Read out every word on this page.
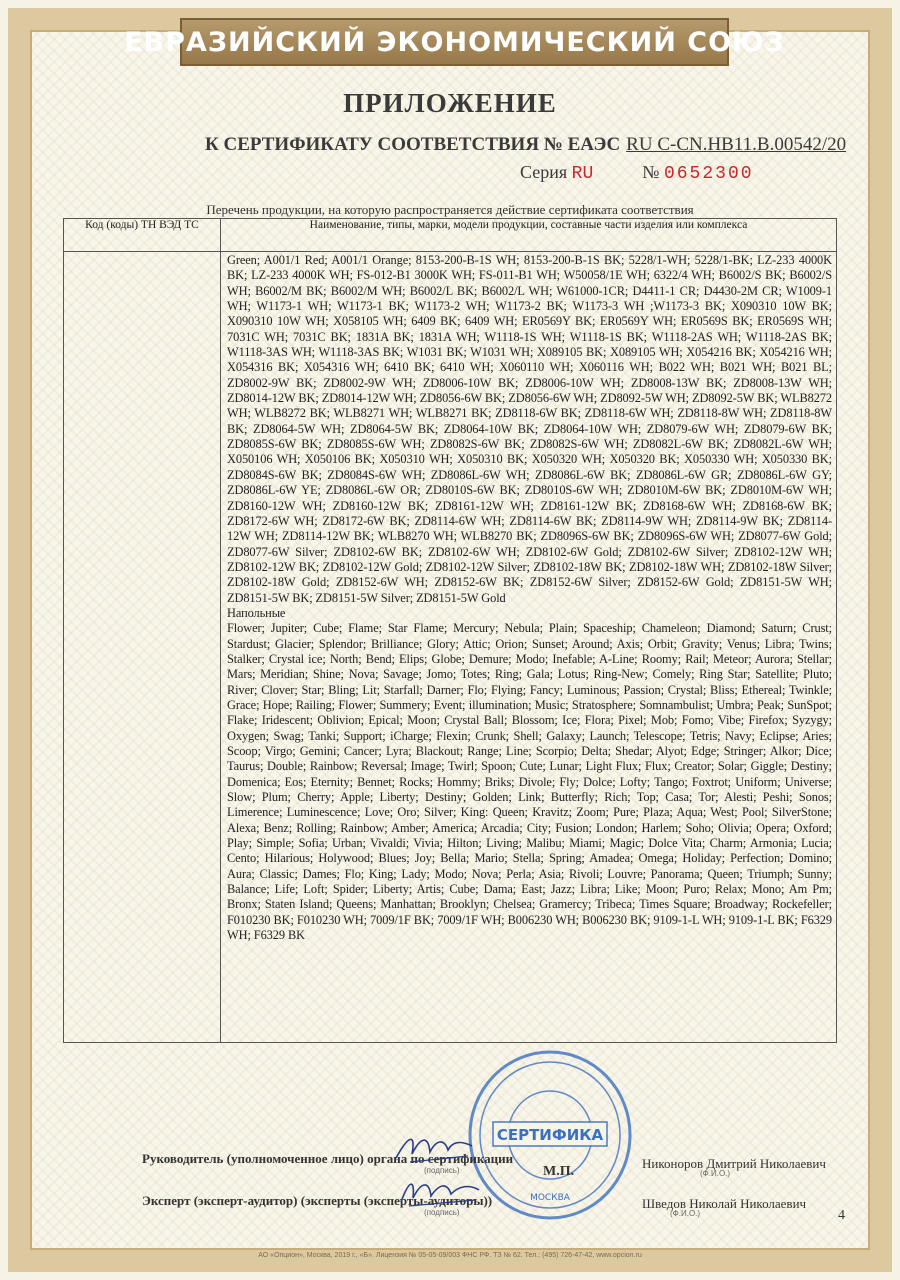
ЕВРАЗИЙСКИЙ ЭКОНОМИЧЕСКИЙ СОЮЗ
ПРИЛОЖЕНИЕ
К СЕРТИФИКАТУ СООТВЕТСТВИЯ № ЕАЭС RU C-CN.НВ11.В.00542/20
Серия RU	№ 0652300
Перечень продукции, на которую распространяется действие сертификата соответствия
Код (коды) ТН ВЭД ТС	Наименование, типы, марки, модели продукции, составные части изделия или комплекса

	Green; A001/1 Red; A001/1 Orange; 8153-200-B-1S WH; 8153-200-B-1S BK; 5228/1-WH; 5228/1-BK; LZ-233 4000K BK; LZ-233 4000K WH; FS-012-B1 3000K WH; FS-011-B1 WH; W50058/1E WH; 6322/4 WH; B6002/S BK; B6002/S WH; B6002/M BK; B6002/M WH; B6002/L BK; B6002/L WH; W61000-1CR; D4411-1 CR; D4430-2M CR; W1009-1 WH; W1173-1 WH; W1173-1 BK; W1173-2 WH; W1173-2 BK; W1173-3 WH ;W1173-3 BK; X090310 10W BK; X090310 10W WH; X058105 WH; 6409 BK; 6409 WH; ER0569Y BK; ER0569Y WH; ER0569S BK; ER0569S WH; 7031C WH; 7031C BK; 1831A BK; 1831A WH; W1118-1S WH; W1118-1S BK; W1118-2AS WH; W1118-2AS BK; W1118-3AS WH; W1118-3AS BK; W1031 BK; W1031 WH; X089105 BK; X089105 WH; X054216 BK; X054216 WH; X054316 BK; X054316 WH; 6410 BK; 6410 WH; X060110 WH; X060116 WH; B022 WH; B021 WH; B021 BL; ZD8002-9W BK; ZD8002-9W WH; ZD8006-10W BK; ZD8006-10W WH; ZD8008-13W BK; ZD8008-13W WH; ZD8014-12W BK; ZD8014-12W WH; ZD8056-6W BK; ZD8056-6W WH; ZD8092-5W WH; ZD8092-5W BK; WLB8272 WH; WLB8272 BK; WLB8271 WH; WLB8271 BK; ZD8118-6W BK; ZD8118-6W WH; ZD8118-8W WH; ZD8118-8W BK; ZD8064-5W WH; ZD8064-5W BK; ZD8064-10W BK; ZD8064-10W WH; ZD8079-6W WH; ZD8079-6W BK; ZD8085S-6W BK; ZD8085S-6W WH; ZD8082S-6W BK; ZD8082S-6W WH; ZD8082L-6W BK; ZD8082L-6W WH; X050106 WH; X050106 BK; X050310 WH; X050310 BK; X050320 WH; X050320 BK; X050330 WH; X050330 BK; ZD8084S-6W BK; ZD8084S-6W WH; ZD8086L-6W WH; ZD8086L-6W BK; ZD8086L-6W GR; ZD8086L-6W GY; ZD8086L-6W YE; ZD8086L-6W OR; ZD8010S-6W BK; ZD8010S-6W WH; ZD8010M-6W BK; ZD8010M-6W WH; ZD8160-12W WH; ZD8160-12W BK; ZD8161-12W WH; ZD8161-12W BK; ZD8168-6W WH; ZD8168-6W BK; ZD8172-6W WH; ZD8172-6W BK; ZD8114-6W WH; ZD8114-6W BK; ZD8114-9W WH; ZD8114-9W BK; ZD8114-12W WH; ZD8114-12W BK; WLB8270 WH; WLB8270 BK; ZD8096S-6W BK; ZD8096S-6W WH; ZD8077-6W Gold; ZD8077-6W Silver; ZD8102-6W BK; ZD8102-6W WH; ZD8102-6W Gold; ZD8102-6W Silver; ZD8102-12W WH; ZD8102-12W BK; ZD8102-12W Gold; ZD8102-12W Silver; ZD8102-18W BK; ZD8102-18W WH; ZD8102-18W Silver; ZD8102-18W Gold; ZD8152-6W WH; ZD8152-6W BK; ZD8152-6W Silver; ZD8152-6W Gold; ZD8151-5W WH; ZD8151-5W BK; ZD8151-5W Silver; ZD8151-5W Gold

Напольные

Flower; Jupiter; Cube; Flame; Star Flame; Mercury; Nebula; Plain; Spaceship; Chameleon; Diamond; Saturn; Crust; Stardust; Glacier; Splendor; Brilliance; Glory; Attic; Orion; Sunset; Around; Axis; Orbit; Gravity; Venus; Libra; Twins; Stalker; Crystal ice; North; Bend; Elips; Globe; Demure; Modo; Inefable; A-Line; Roomy; Rail; Meteor; Aurora; Stellar; Mars; Meridian; Shine; Nova; Savage; Jomo; Totes; Ring; Gala; Lotus; Ring-New; Comely; Ring Star; Satellite; Pluto; River; Clover; Star; Bling; Lit; Starfall; Darner; Flo; Flying; Fancy; Luminous; Passion; Crystal; Bliss; Ethereal; Twinkle; Grace; Hope; Railing; Flower; Summery; Event; illumination; Music; Stratosphere; Somnambulist; Umbra; Peak; SunSpot; Flake; Iridescent; Oblivion; Epical; Moon; Crystal Ball; Blossom; Ice; Flora; Pixel; Mob; Fomo; Vibe; Firefox; Syzygy; Oxygen; Swag; Tanki; Support; iCharge; Flexin; Crunk; Shell; Galaxy; Launch; Telescope; Tetris; Navy; Eclipse; Aries; Scoop; Virgo; Gemini; Cancer; Lyra; Blackout; Range; Line; Scorpio; Delta; Shedar; Alyot; Edge; Stringer; Alkor; Dice; Taurus; Double; Rainbow; Reversal; Image; Twirl; Spoon; Cute; Lunar; Light Flux; Flux; Creator; Solar; Giggle; Destiny; Domenica; Eos; Eternity; Bennet; Rocks; Hommy; Briks; Divole; Fly; Dolce; Lofty; Tango; Foxtrot; Uniform; Universe; Slow; Plum; Cherry; Apple; Liberty; Destiny; Golden; Link; Butterfly; Rich; Top; Casa; Tor; Alesti; Peshi; Sonos; Limerence; Luminescence; Love; Oro; Silver; King: Queen; Kravitz; Zoom; Pure; Plaza; Aqua; West; Pool; SilverStone; Alexa; Benz; Rolling; Rainbow; Amber; America; Arcadia; City; Fusion; London; Harlem; Soho; Olivia; Opera; Oxford; Play; Simple; Sofia; Urban; Vivaldi; Vivia; Hilton; Living; Malibu; Miami; Magic; Dolce Vita; Charm; Armonia; Lucia; Cento; Hilarious; Holywood; Blues; Joy; Bella; Mario; Stella; Spring; Amadea; Omega; Holiday; Perfection; Domino; Aura; Classic; Dames; Flo; King; Lady; Modo; Nova; Perla; Asia; Rivoli; Louvre; Panorama; Queen; Triumph; Sunny; Balance; Life; Loft; Spider; Liberty; Artis; Cube; Dama; East; Jazz; Libra; Like; Moon; Puro; Relax; Mono; Am Pm; Bronx; Staten Island; Queens; Manhattan; Brooklyn; Chelsea; Gramercy; Tribeca; Times Square; Broadway; Rockefeller; F010230 BK; F010230 WH; 7009/1F BK; 7009/1F WH; B006230 WH; B006230 BK; 9109-1-L WH; 9109-1-L BK; F6329 WH; F6329 BK

СЕРТИФИКА
МОСКВА
Руководитель (уполномоченное лицо) органа по сертификации
(подпись)	М.П.
Никоноров Дмитрий Николаевич
(Ф.И.О.)
Эксперт (эксперт-аудитор) (эксперты (эксперты-аудиторы))
(подпись)
Шведов Николай Николаевич
(Ф.И.О.)	4
АО «Опцион», Москва, 2019 г., «Б». Лицензия № 05-05-09/003 ФНС РФ. ТЗ № 62. Тел.: (495) 726-47-42, www.opcion.ru
